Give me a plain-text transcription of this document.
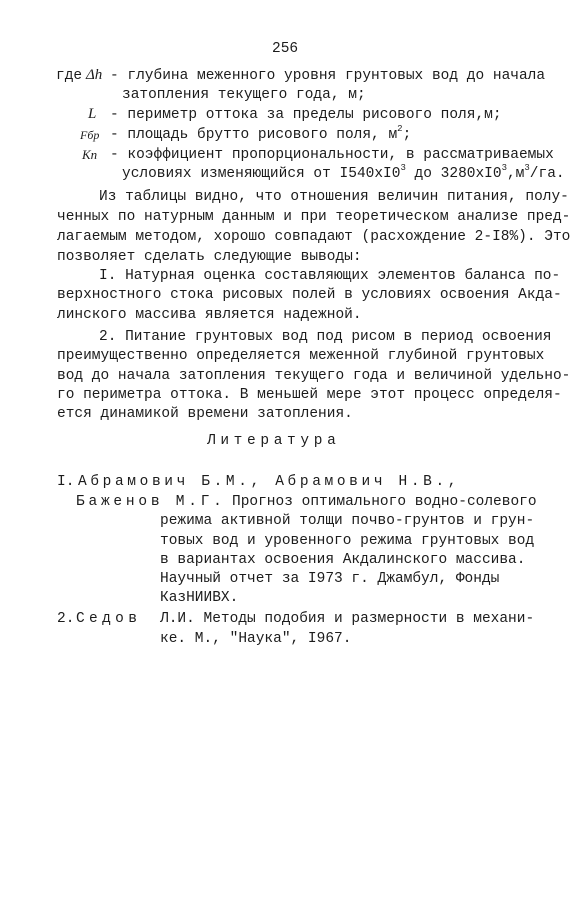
256
где Δh - глубина меженного уровня грунтовых вод до начала
затопления текущего года, м;
L - периметр оттока за пределы рисового поля,м;
Fбр - площадь брутто рисового поля, $м^2$;
Kп - коэффициент пропорциональности, в рассматриваемых
условиях изменяющийся от $I540xI0^3$ до $3280xI0^3,м^3/га$.
Из таблицы видно, что отношения величин питания, полу-
ченных по натурным данным и при теоретическом анализе пред-
лагаемым методом, хорошо совпадают (расхождение 2-I8%). Это
позволяет сделать следующие выводы:
I. Натурная оценка составляющих элементов баланса по-
верхностного стока рисовых полей в условиях освоения Акда-
линского массива является надежной.
2. Питание грунтовых вод под рисом в период освоения
преимущественно определяется меженной глубиной грунтовых
вод до начала затопления текущего года и величиной удельно-
го периметра оттока. В меньшей мере этот процесс определя-
ется динамикой времени затопления.
Литература
I. Абрамович Б.М., Абрамович Н.В.,
Баженов М.Г. Прогноз оптимального водно-солевого
режима активной толщи почво-грунтов и грун-
товых вод и уровенного режима грунтовых вод
в вариантах освоения Акдалинского массива.
Научный отчет за I973 г. Джамбул, Фонды
КазНИИВХ.
2. Седов Л.И. Методы подобия и размерности в механи-
ке. М., "Наука", I967.
